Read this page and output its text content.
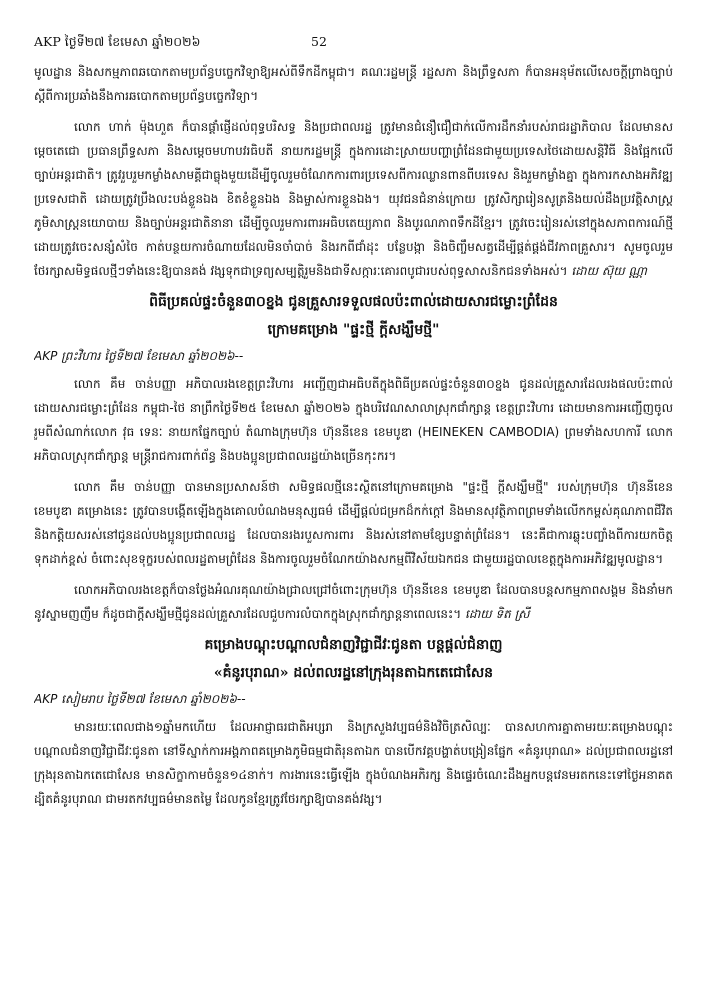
AKP ថ្ងៃទី២៧ ខែមេសា ឆ្នាំ២០២៦	52

មូលដ្ឋាន និងសកម្មភាពឆបោកតាមប្រព័ន្ធបច្ចេកវិទ្យាឱ្យអស់ពីទឹកដីកម្ពុជា។ គណៈរដ្ឋមន្ត្រី រដ្ឋសភា និងព្រឹទ្ធសភា ក៏បានអនុម័តលើសេចក្តីព្រាងច្បាប់ស្តីពីការប្រឆាំងនឹងការឆបោកតាមប្រព័ន្ធបច្ចេកវិទ្យា។

លោក ហាក់ ម៉ុងហួត ក៏បានផ្តាំផ្ញើដល់ពុទ្ធបរិសទ្ធ និងប្រជាពលរដ្ឋ ត្រូវមានជំនឿជឿជាក់លើការដឹកនាំរបស់រាជរដ្ឋាភិបាល ដែលមានសម្តេចតេជោ ប្រធានព្រឹទ្ធសភា និងសម្តេចមហាបវរធិបតី នាយករដ្ឋមន្ត្រី ក្នុងការដោះស្រាយបញ្ហាព្រំដែនជាមួយប្រទេសថៃដោយសន្តិវិធី និងផ្អែកលើច្បាប់អន្តរជាតិ។ ត្រូវរួបរួមកម្លាំងសាមគ្គីជាធ្លុងមួយដើម្បីចូលរួមចំណែកការពារប្រទេសពីការឈ្លានពានពីបរទេស និងរួមកម្លាំងគ្នា ក្នុងការកសាងអភិវឌ្ឍប្រទេសជាតិ ដោយត្រូវប្រឹងលះបង់ខ្លួនឯង ខិតខំខ្លួនឯង និងម្ចាស់ការខ្លួនឯង។ យុវជនជំនាន់ក្រោយ ត្រូវសិក្សារៀនសូត្រនិងយល់ដឹងប្រវត្តិសាស្ត្រ ភូមិសាស្ត្រនយោបាយ និងច្បាប់អន្តរជាតិនានា ដើម្បីចូលរួមការពារអធិបតេយ្យភាព និងបូរណភាពទឹកដីខ្មែរ។ ត្រូវចេះរៀនរស់នៅក្នុងសភាពការណ៍ថ្មី ដោយត្រូវចេះសន្សំសំចៃ កាត់បន្ថយការចំណាយដែលមិនចាំបាច់ និងរកពីជាំដុះ បន្លែបង្កា និងចិញ្ចឹមសត្វដើម្បីផ្គត់ផ្គង់ជីវភាពគ្រួសារ។ សូមចូលរួមថែរក្សាសមិទ្ធផលថ្មីៗទាំងនេះឱ្យបានគង់ វង្សទុកជាទ្រព្យសម្បត្តិរួមនិងជាទីសក្ការៈគោរពបូជារបស់ពុទ្ធសាសនិកជនទាំងអស់។ ដោយ ស៊ុយ ណ្ណា

ពិធីប្រគល់ផ្ទះចំនួន៣០ខ្នង ជូនគ្រួសារទទួលផលប៉ះពាល់ដោយសារជម្លោះព្រំដែន
ក្រោមគម្រោង "ផ្ទះថ្មី ក្តីសង្ឃឹមថ្មី"
AKP ព្រះវិហារ ថ្ងៃទី២៧ ខែមេសា ឆ្នាំ២០២៦--

លោក គឹម ចាន់បញ្ញា អភិបាលរងខេត្តព្រះវិហារ អញ្ជើញជាអធិបតីក្នុងពិធីប្រគល់ផ្ទះចំនួន៣០ខ្នង ជូនដល់គ្រួសារដែលរងផលប៉ះពាល់ដោយសារជម្លោះព្រំដែន កម្ពុជា-ថៃ នាព្រឹកថ្ងៃទី២៥ ខែមេសា ឆ្នាំ២០២៦ ក្នុងបរិវេណសាលាស្រុកជាំក្សាន្ត ខេត្តព្រះវិហារ ដោយមានការអញ្ជើញចូលរួមពីសំណាក់លោក វុធ ទេនៈ នាយកផ្នែកច្បាប់ តំណាងក្រុមហ៊ុន ហ៊ុននីខេន ខេមបូឌា (HEINEKEN CAMBODIA) ព្រមទាំងសហការី លោកអភិបាលស្រុកជាំក្សាន្ត មន្ត្រីរាជការពាក់ព័ន្ធ និងបងប្អូនប្រជាពលរដ្ឋយ៉ាងច្រើនកុះករ។

លោក គឹម ចាន់បញ្ញា បានមានប្រសាសន៍ថា សមិទ្ធផលថ្មីនេះស្ថិតនៅក្រោមគម្រោង "ផ្ទះថ្មី ក្តីសង្ឃឹមថ្មី" របស់ក្រុមហ៊ុន ហ៊ុននីខេន ខេមបូឌា គម្រោងនេះ ត្រូវបានបង្កើតឡើងក្នុងគោលបំណងមនុស្សធម៌ ដើម្បីផ្តល់ជម្រកដ៏កក់ក្តៅ និងមានសុវត្ថិភាពព្រមទាំងលើកកម្ពស់គុណភាពជីវិត និងកត្តិយសរស់នៅជូនដល់បងប្អូនប្រជាពលរដ្ឋ ដែលបានរងរបួសការពារ និងរស់នៅតាមខ្សែបន្ទាត់ព្រំដែន។ នេះគឺជាការឆ្លុះបញ្ចាំងពីការយកចិត្តទុកដាក់ខ្ពស់ ចំពោះសុខទុក្ខរបស់ពលរដ្ឋតាមព្រំដែន និងការចូលរួមចំណែកយ៉ាងសកម្មពីវិស័យឯកជន ជាមួយរដ្ឋបាលខេត្តក្នុងការអភិវឌ្ឍមូលដ្ឋាន។

លោកអភិបាលរងខេត្តក៏បានថ្លែងអំណរគុណយ៉ាងជ្រាលជ្រៅចំពោះក្រុមហ៊ុន ហ៊ុននីខេន ខេមបូឌា ដែលបានបន្តសកម្មភាពសង្គម និងនាំមកនូវស្នាមញញឹម ក៏ដូចជាក្តីសង្ឃឹមថ្មីជូនដល់គ្រួសារដែលជួបការលំបាកក្នុងស្រុកជាំក្សាន្តនាពេលនេះ។ ដោយ ទិត ស្រី

គម្រោងបណ្តុះបណ្តាលជំនាញវិជ្ជាជីវៈជូនតា បន្តផ្តល់ជំនាញ
«គំនូរបុរាណ» ដល់ពលរដ្ឋនៅក្រុងរុនតាឯកតេជោសែន
AKP សៀមរាប ថ្ងៃទី២៧ ខែមេសា ឆ្នាំ២០២៦--

មានរយៈពេលជាង១ឆ្នាំមកហើយ ដែលអាជ្ញាធរជាតិអប្សរា និងក្រសួងវប្បធម៌និងវិចិត្រសិល្បៈ បានសហការគ្នាតាមរយៈគម្រោងបណ្តុះបណ្តាលជំនាញវិជ្ជាជីវៈជូនតា នៅទីស្នាក់ការអង្គភាពគម្រោងភូមិធម្មជាតិរុនតាឯក បានបើកវគ្គបង្ហាត់បង្រៀនផ្នែក «គំនូរបុរាណ» ដល់ប្រជាពលរដ្ឋនៅក្រុងរុនតាឯកតេជោសែន មានសិក្ខាកាមចំនួន១៤នាក់។ ការងារនេះធ្វើឡើង ក្នុងបំណងអភិរក្ស និងផ្ទេរចំណេះដឹងអ្នកបន្តវេនមរតកនេះទៅថ្ងៃអនាគត ដ្បិតគំនូរបុរាណ ជាមរតកវប្បធម៌មានតម្លៃ ដែលកូនខ្មែរត្រូវថែរក្សាឱ្យបានគង់វង្ស។
